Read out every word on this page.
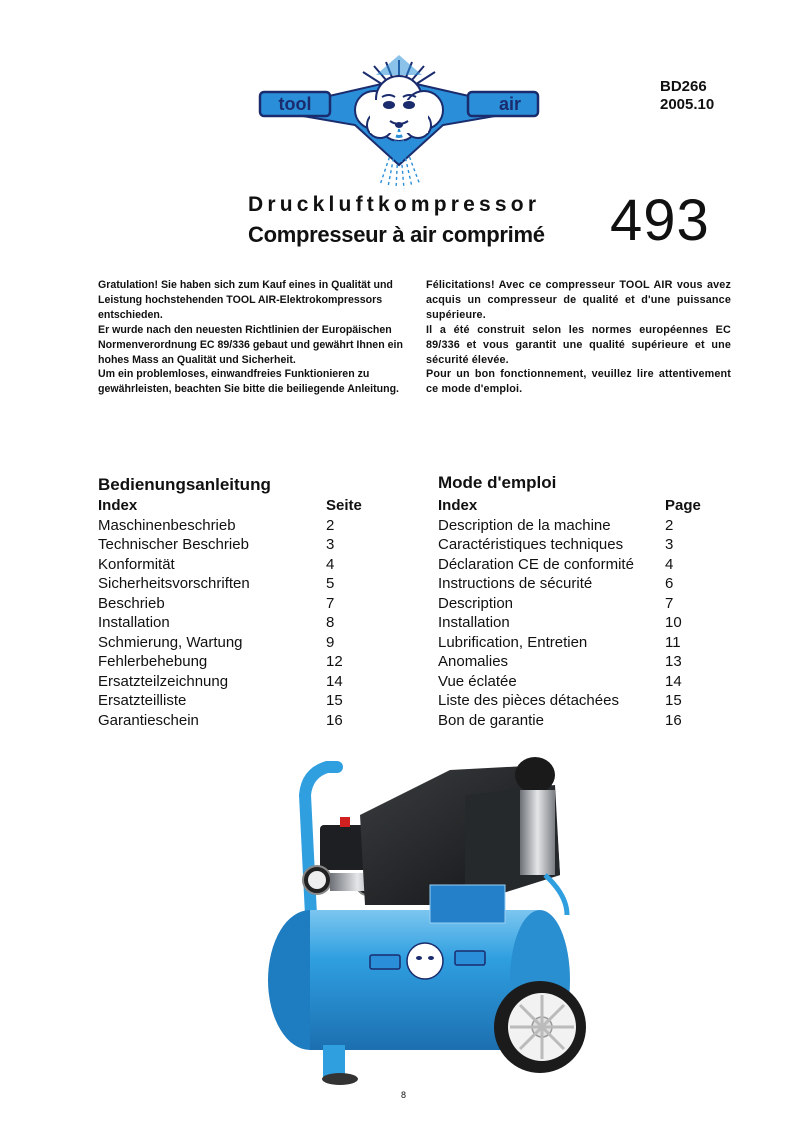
tool	air
BD266
2005.10
Druckluftkompressor
Compresseur à air comprimé 493

Gratulation! Sie haben sich zum Kauf eines in Qualität und Leistung hochstehenden TOOL AIR-Elektrokompressors entschieden.

Er wurde nach den neuesten Richtlinien der Europäischen Normenverordnung EC 89/336 gebaut und gewährt Ihnen ein hohes Mass an Qualität und Sicherheit.

Um ein problemloses, einwandfreies Funktionieren zu gewährleisten, beachten Sie bitte die beiliegende Anleitung.

Félicitations! Avec ce compresseur TOOL AIR vous avez acquis un compresseur de qualité et d'une puissance supérieure.

Il a été construit selon les normes européennes EC 89/336 et vous garantit une qualité supérieure et une sécurité élevée.

Pour un bon fonctionnement, veuillez lire attentivement ce mode d'emploi.

Bedienungsanleitung	Mode d'emploi
Index	Seite
Maschinenbeschrieb	2
Technischer Beschrieb	3
Konformität	4
Sicherheitsvorschriften	5
Beschrieb	7
Installation	8
Schmierung, Wartung	9
Fehlerbehebung	12
Ersatzteilzeichnung	14
Ersatzteilliste	15
Garantieschein	16
Index	Page
Description de la machine	2
Caractéristiques techniques	3
Déclaration CE de conformité 4
Instructions de sécurité	6
Description	7
Installation	10
Lubrification, Entretien	11
Anomalies	13
Vue éclatée	14
Liste des pièces détachées	15
Bon de garantie	16
8
